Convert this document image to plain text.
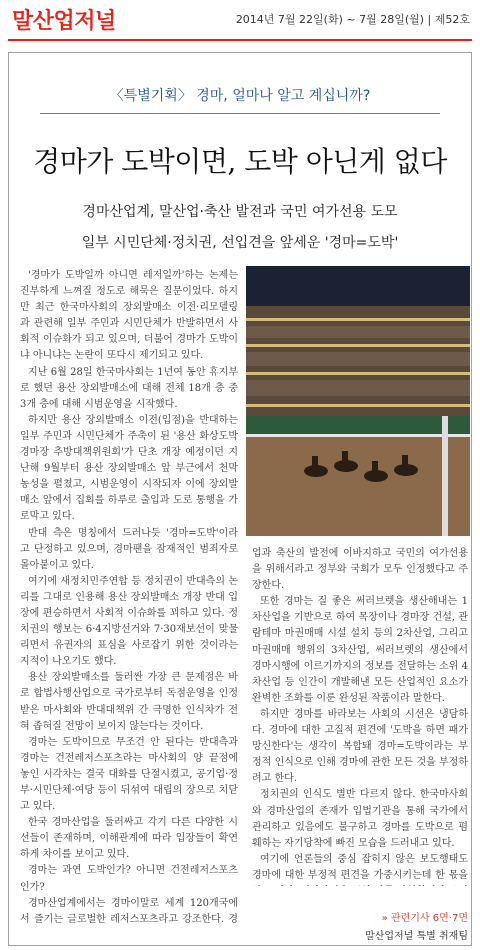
말산업저널	2014년 7월 22일(화) ~ 7월 28일(월) | 제52호
〈특별기획〉 경마, 얼마나 알고 계십니까?
경마가 도박이면, 도박 아닌게 없다
경마산업계, 말산업·축산 발전과 국민 여가선용 도모
일부 시민단체·정치권, 선입견을 앞세운 '경마=도박'

'경마가 도박일까 아니면 레저일까'하는 논제는 진부하게 느껴질 정도로 해묵은 질문이었다. 하지만 최근 한국마사회의 장외발매소 이전·리모델링과 관련해 일부 주민과 시민단체가 반발하면서 사회적 이슈화가 되고 있으며, 더불어 경마가 도박이냐 아니냐는 논란이 또다시 제기되고 있다.

지난 6월 28일 한국마사회는 1년여 동안 휴지부로 했던 용산 장외발매소에 대해 전체 18개 층 중 3개 층에 대해 시범운영을 시작했다.

하지만 용산 장외발매소 이전(입점)을 반대하는 일부 주민과 시민단체가 주축이 된 '용산 화상도박경마장 추방대책위원회'가 단초 개장 예정이던 지난해 9월부터 용산 장외발매소 앞 부근에서 천막농성을 펼쳤고, 시범운영이 시작되자 이에 장외발매소 앞에서 집회를 하루로 출입과 도로 통행을 가로막고 있다.

반대 측은 명칭에서 드러나듯 '경마=도박'이라고 단정하고 있으며, 경마팬을 잠재적인 범죄자로 몰아붙이고 있다.

여기에 새정치민주연합 등 정치권이 반대측의 논리를 그대로 인용해 용산 장외발매소 개장 반대 입장에 편승하면서 사회적 이슈화를 꾀하고 있다. 정치권의 행보는 6·4지방선거와 7·30재보선이 맞물리면서 유권자의 표심을 사로잡기 위한 것이라는 지적이 나오기도 했다.

용산 장외발매소를 둘러싼 가장 큰 문제점은 바로 합법사행산업으로 국가로부터 독점운영을 인정받은 마사회와 반대대책위 간 극명한 인식차가 전혀 좁혀질 전망이 보이지 않는다는 것이다.

경마는 도박이므로 무조건 안 된다는 반대측과 경마는 건전레저스포츠라는 마사회의 양 끝점에 놓인 시각차는 결국 대화를 단절시켰고, 공기업·정부·시민단체·여당 등이 뒤섞여 대립의 장으로 치닫고 있다.

한국 경마산업을 둘러싸고 각기 다른 다양한 시선들이 존재하며, 이해관계에 따라 입장들이 확연하게 차이를 보이고 있다.

경마는 과연 도박인가? 아니면 건전레저스포츠인가?

경마산업계에서는 경마이말로 세계 120개국에서 즐기는 글로벌한 레저스포츠라고 강조한다. 경

업과 축산의 발전에 이바지하고 국민의 여가선용을 위해서라고 정부와 국회가 모두 인정했다고 주장한다.

또한 경마는 질 좋은 써러브렛을 생산해내는 1차산업을 기반으로 하여 목장이나 경마장 건설, 관람테마 마권매매 시설 설치 등의 2차산업, 그리고 마권매매 행위의 3차산업, 써러브렛의 생산에서 경마시행에 이르기까지의 정보를 전달하는 소위 4차산업 등 인간이 개발해낸 모든 산업적인 요소가 완벽한 조화를 이룬 완성된 작품이라 말한다.

하지만 경마를 바라보는 사회의 시선은 냉담하다. 경마에 대한 고질적 편견에 '도박을 하면 패가망신한다'는 생각이 복합돼 경마=도박이라는 부정적 인식으로 인해 경마에 관한 모든 것을 부정하려고 한다.

정치권의 인식도 별반 다르지 않다. 한국마사회와 경마산업의 존재가 입법기관을 통해 국가에서 관리하고 있음에도 불구하고 경마를 도박으로 폄훼하는 자기당착에 빠진 모습을 드러내고 있다.

여기에 언론들의 중심 잡히지 않은 보도행태도 경마에 대한 부정적 편견을 가중시키는데 한 몫을

» 관련기사 6면·7면
말산업저널 특별 취재팀
